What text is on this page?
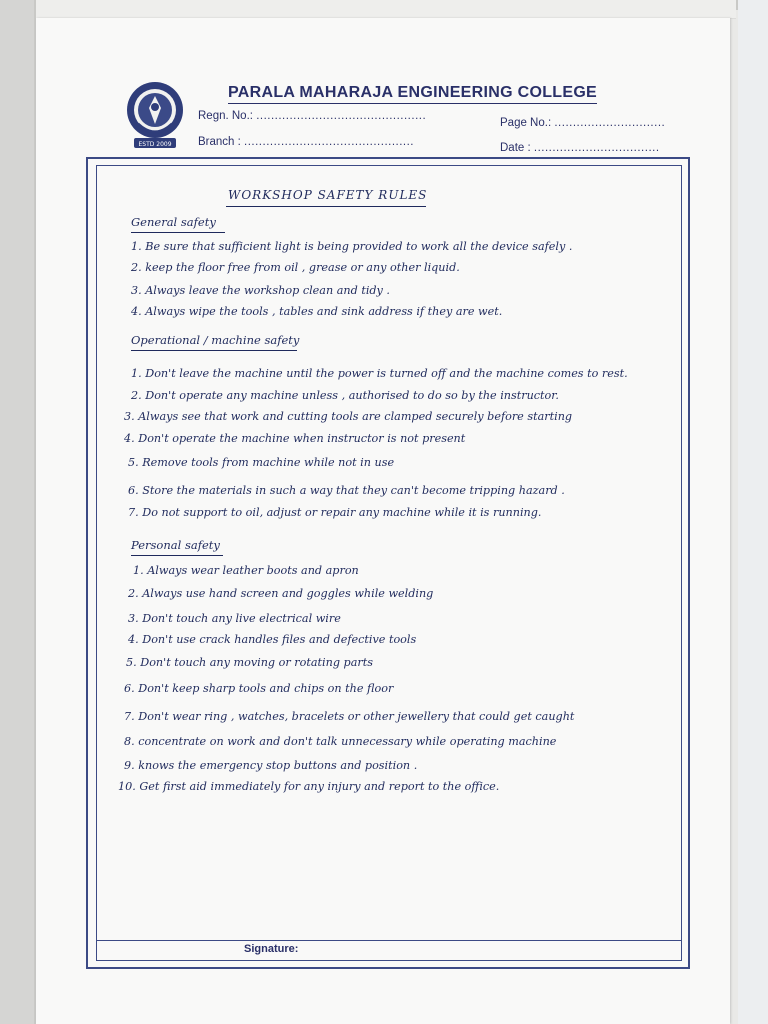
ESTD 2009
PARALA MAHARAJA ENGINEERING COLLEGE
Regn. No.: ..............................................
Page No.: ..............................
Branch : ..............................................	Date : ..................................
WORKSHOP SAFETY RULES
General safety
1. Be sure that sufficient light is being provided to work all the device safely .
2. keep the floor free from oil , grease or any other liquid.
3. Always leave the workshop clean and tidy .
4. Always wipe the tools , tables and sink address if they are wet.
Operational / machine safety
1. Don't leave the machine until the power is turned off and the machine comes to rest.
2. Don't operate any machine unless , authorised to do so by the instructor.
3. Always see that work and cutting tools are clamped securely before starting
4. Don't operate the machine when instructor is not present
5. Remove tools from machine while not in use
6. Store the materials in such a way that they can't become tripping hazard .
7. Do not support to oil, adjust or repair any machine while it is running.
Personal safety
1. Always wear leather boots and apron
2. Always use hand screen and goggles while welding
3. Don't touch any live electrical wire
4. Don't use crack handles files and defective tools
5. Don't touch any moving or rotating parts
6. Don't keep sharp tools and chips on the floor
7. Don't wear ring , watches, bracelets or other jewellery that could get caught
8. concentrate on work and don't talk unnecessary while operating machine
9. knows the emergency stop buttons and position .
10. Get first aid immediately for any injury and report to the office.
Signature:
